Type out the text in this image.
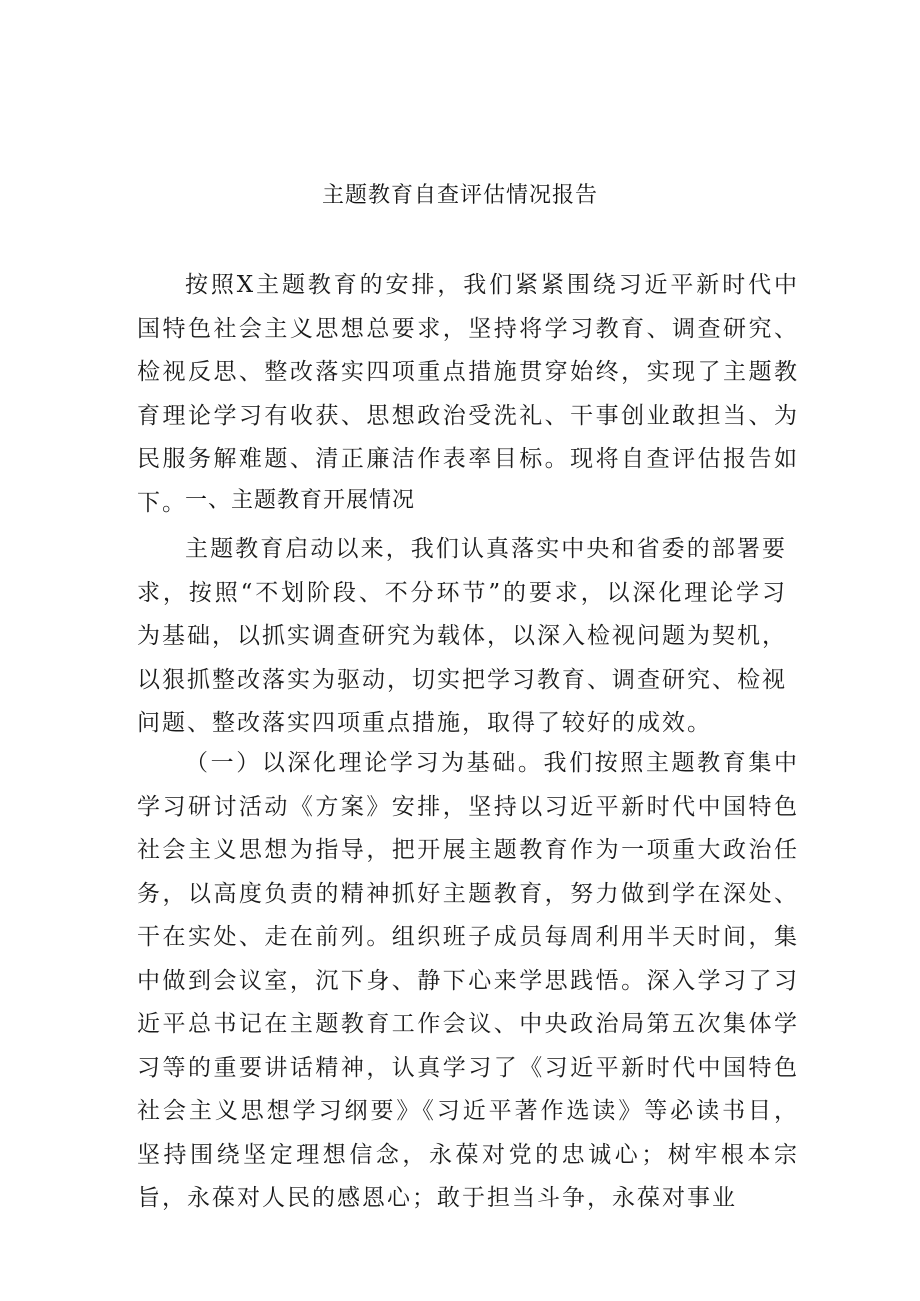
主题教育自查评估情况报告

按照X主题教育的安排，我们紧紧围绕习近平新时代中国特色社会主义思想总要求，坚持将学习教育、调查研究、检视反思、整改落实四项重点措施贯穿始终，实现了主题教育理论学习有收获、思想政治受洗礼、干事创业敢担当、为民服务解难题、清正廉洁作表率目标。现将自查评估报告如下。

一、主题教育开展情况

主题教育启动以来，我们认真落实中央和省委的部署要求，按照“不划阶段、不分环节”的要求，以深化理论学习为基础，以抓实调查研究为载体，以深入检视问题为契机，以狠抓整改落实为驱动，切实把学习教育、调查研究、检视问题、整改落实四项重点措施，取得了较好的成效。

（一）以深化理论学习为基础。我们按照主题教育集中学习研讨活动《方案》安排，坚持以习近平新时代中国特色社会主义思想为指导，把开展主题教育作为一项重大政治任务，以高度负责的精神抓好主题教育，努力做到学在深处、干在实处、走在前列。组织班子成员每周利用半天时间，集中做到会议室，沉下身、静下心来学思践悟。深入学习了习近平总书记在主题教育工作会议、中央政治局第五次集体学习等的重要讲话精神，认真学习了《习近平新时代中国特色社会主义思想学习纲要》《习近平著作选读》等必读书目，坚持围绕坚定理想信念，永葆对党的忠诚心；树牢根本宗旨，永葆对人民的感恩心；敢于担当斗争，永葆对事业
